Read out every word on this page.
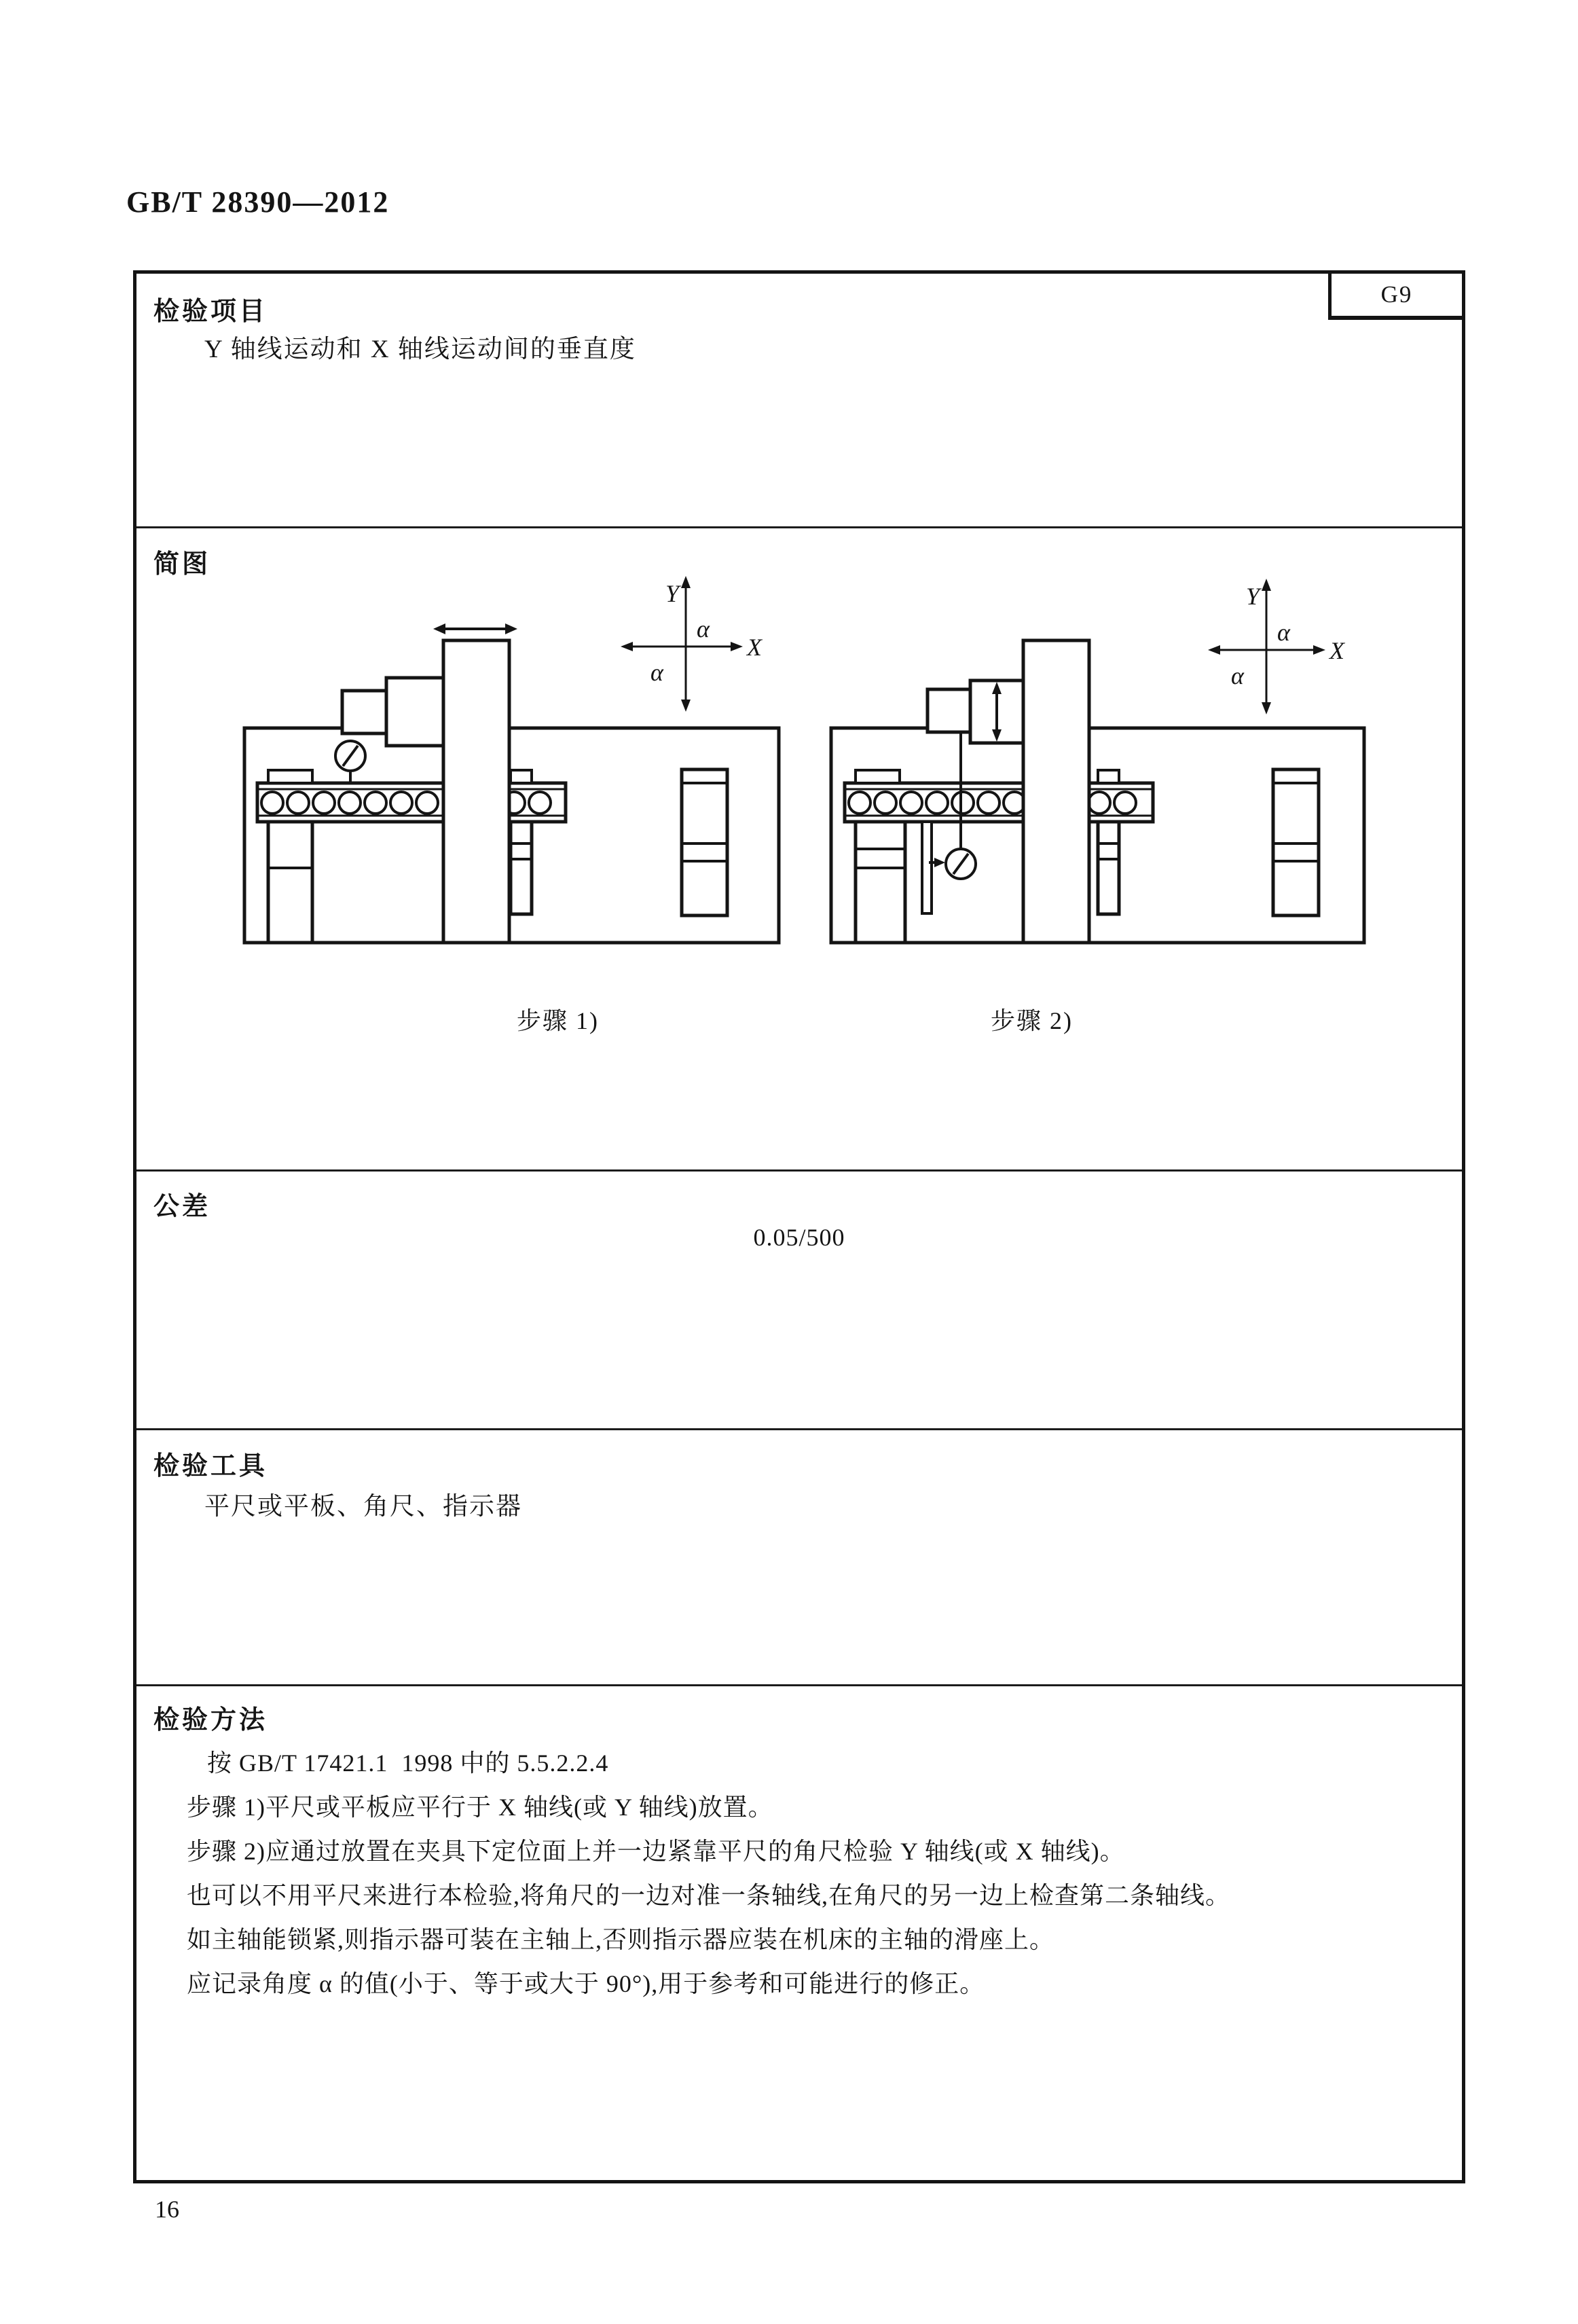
GB/T 28390—2012
G9
检验项目
Y 轴线运动和 X 轴线运动间的垂直度
简图
Y
X
α
α
Y
X
α
α
步骤 1)	步骤 2)
公差
0.05/500
检验工具
平尺或平板、角尺、指示器
检验方法
按 GB/T 17421.1  1998 中的 5.5.2.2.4
步骤 1)平尺或平板应平行于 X 轴线(或 Y 轴线)放置。
步骤 2)应通过放置在夹具下定位面上并一边紧靠平尺的角尺检验 Y 轴线(或 X 轴线)。
也可以不用平尺来进行本检验,将角尺的一边对准一条轴线,在角尺的另一边上检查第二条轴线。
如主轴能锁紧,则指示器可装在主轴上,否则指示器应装在机床的主轴的滑座上。
应记录角度 α 的值(小于、等于或大于 90°),用于参考和可能进行的修正。
16
